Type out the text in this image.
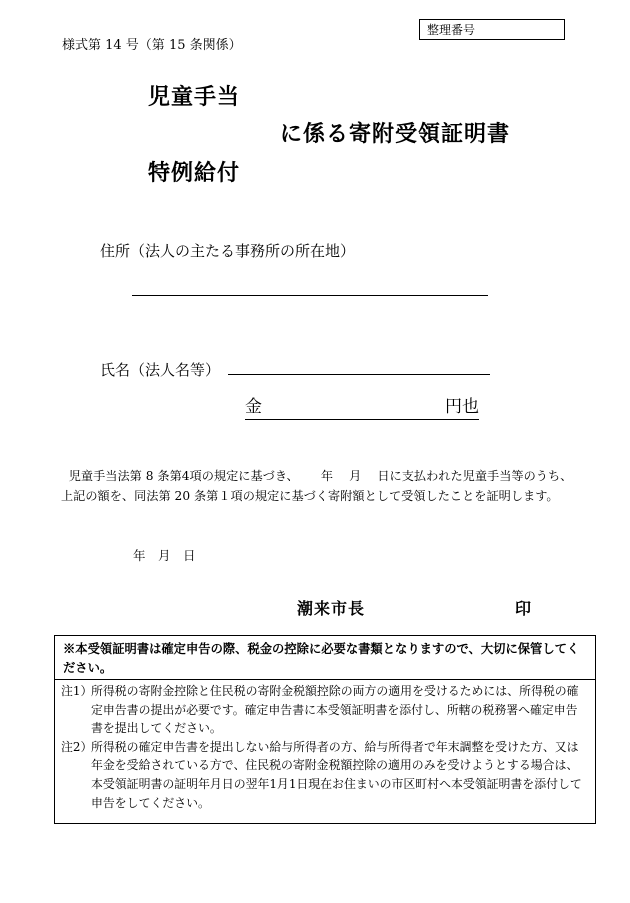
様式第 14 号（第 15 条関係）
整理番号
児童手当
に係る寄附受領証明書
特例給付
住所（法人の主たる事務所の所在地）
氏名（法人名等）
金	円也
児童手当法第 8 条第4項の規定に基づき、　　 年　 月　 日に支払われた児童手当等のうち、上記の額を、同法第 20 条第１項の規定に基づく寄附額として受領したことを証明します。
年　月　日
潮来市長	印
※本受領証明書は確定申告の際、税金の控除に必要な書類となりますので、大切に保管してください。
注1）
所得税の寄附金控除と住民税の寄附金税額控除の両方の適用を受けるためには、所得税の確定申告書の提出が必要です。確定申告書に本受領証明書を添付し、所轄の税務署へ確定申告書を提出してください。
注2）
所得税の確定申告書を提出しない給与所得者の方、給与所得者で年末調整を受けた方、又は年金を受給されている方で、住民税の寄附金税額控除の適用のみを受けようとする場合は、本受領証明書の証明年月日の翌年1月1日現在お住まいの市区町村へ本受領証明書を添付して申告をしてください。
